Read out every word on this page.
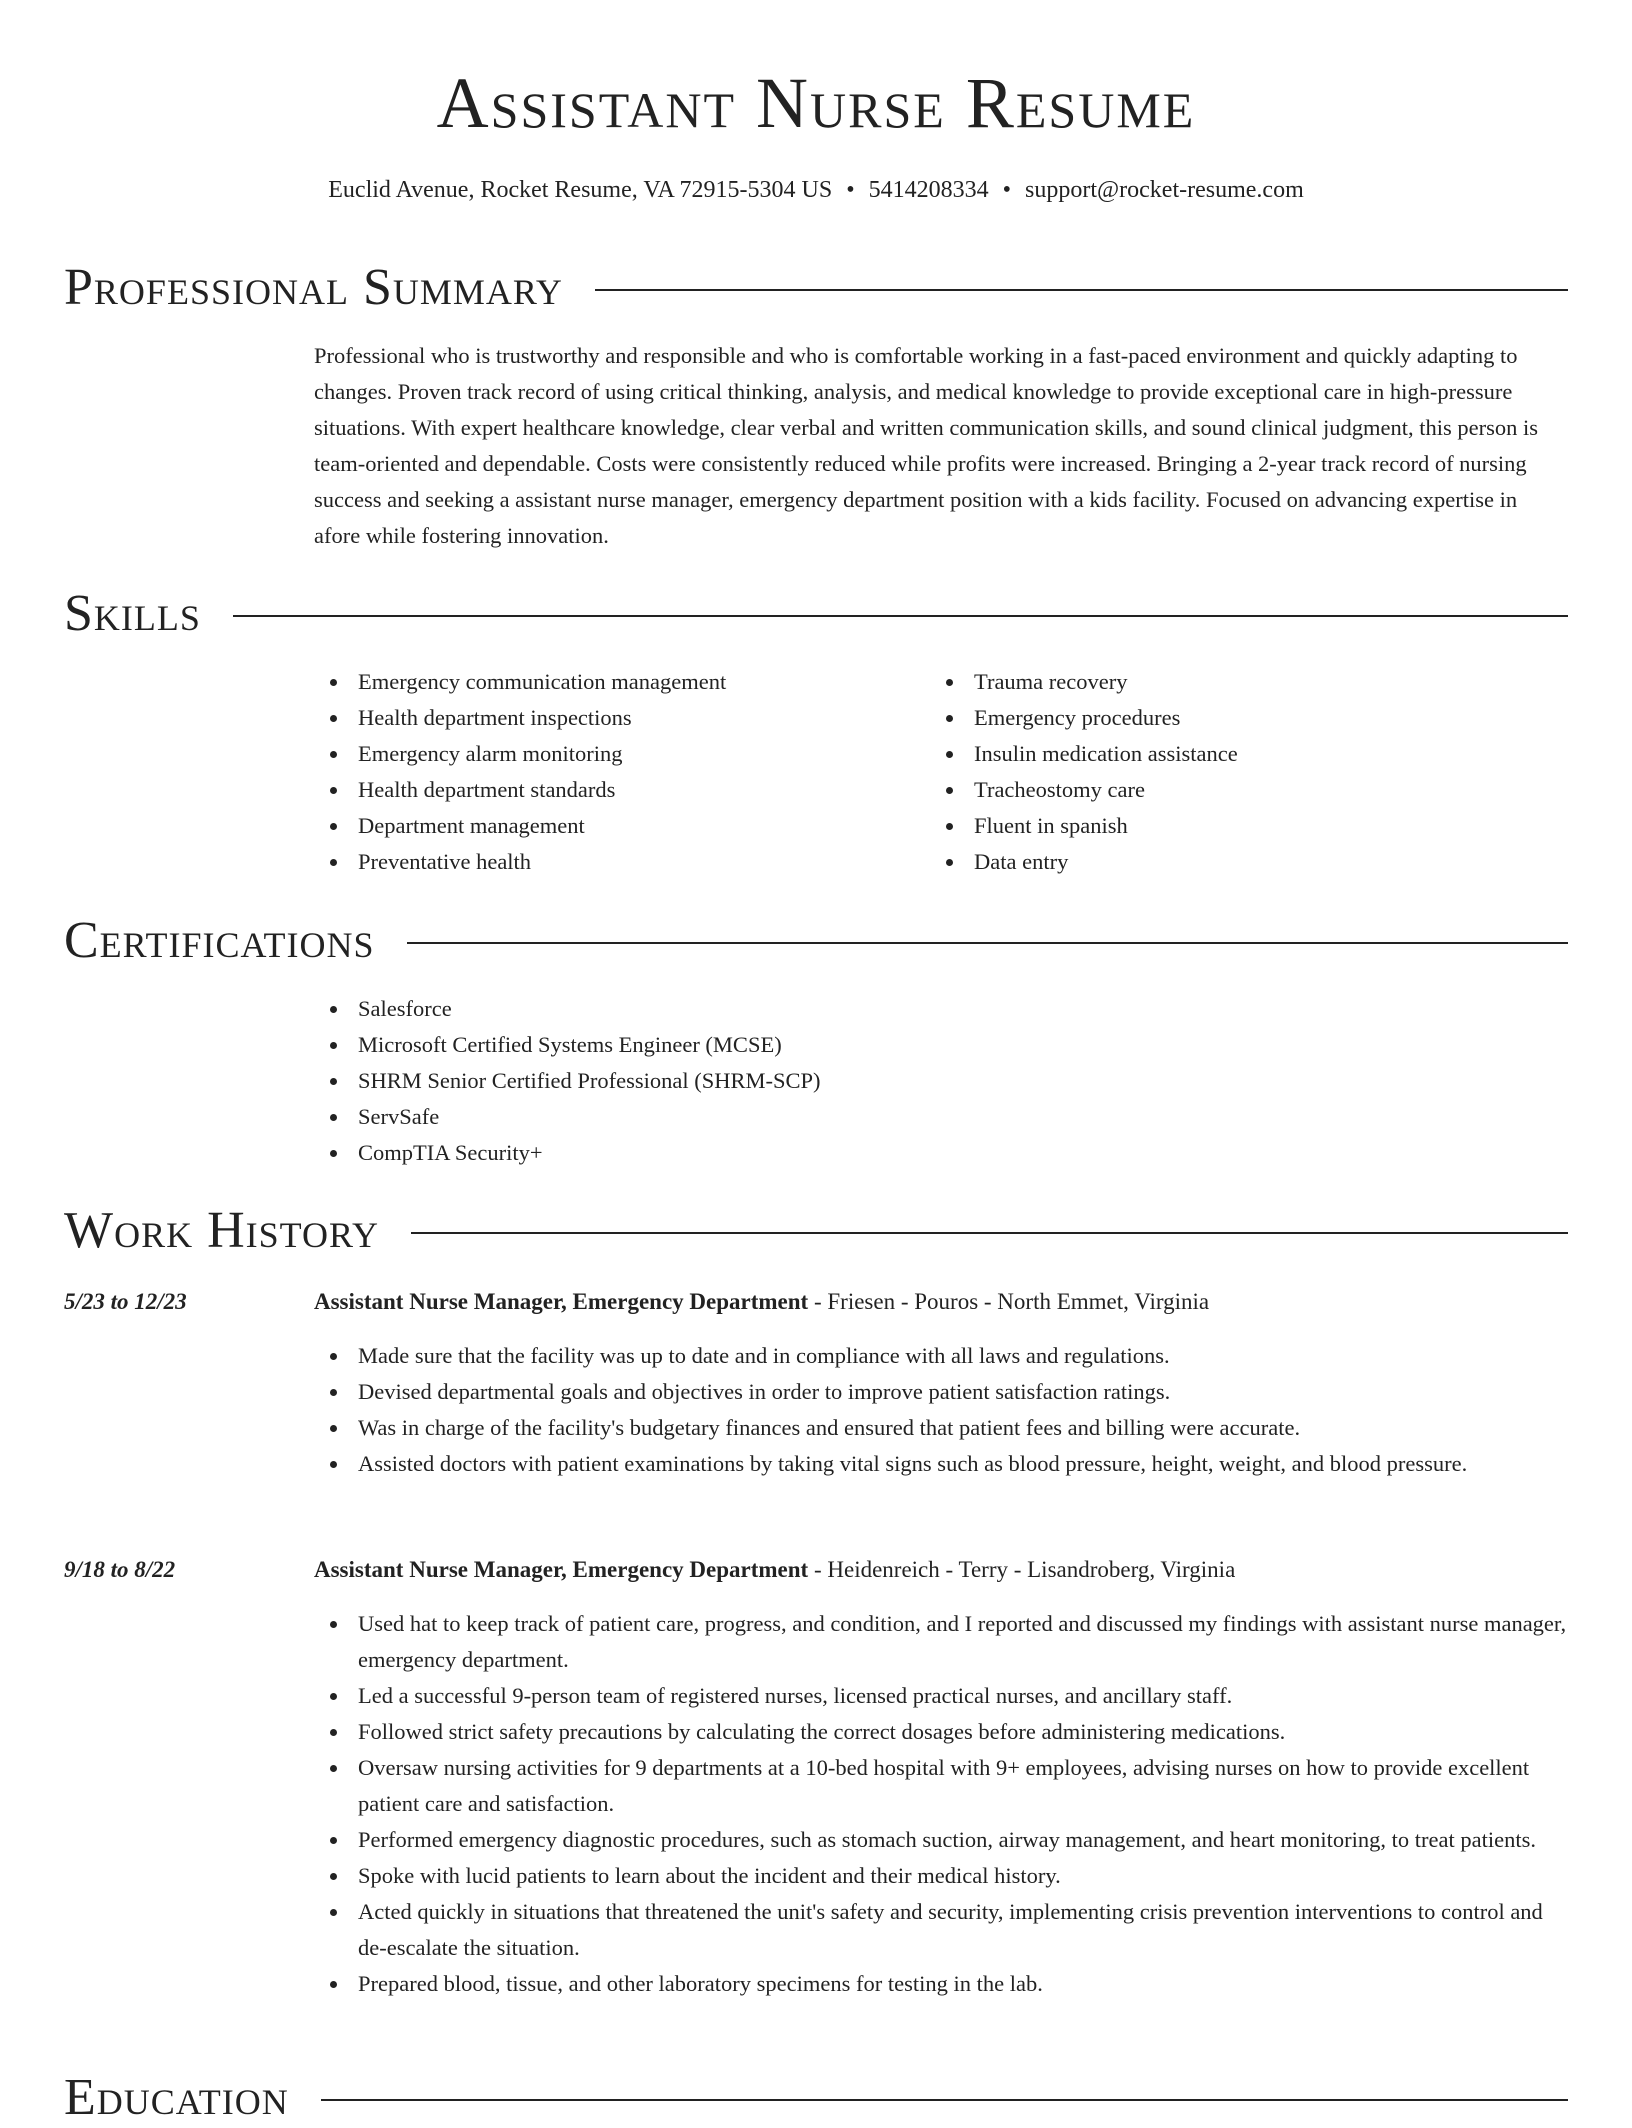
Assistant Nurse Resume
Euclid Avenue, Rocket Resume, VA 72915-5304 US • 5414208334 • support@rocket-resume.com
Professional Summary
Professional who is trustworthy and responsible and who is comfortable working in a fast-paced environment and quickly adapting to changes. Proven track record of using critical thinking, analysis, and medical knowledge to provide exceptional care in high-pressure situations. With expert healthcare knowledge, clear verbal and written communication skills, and sound clinical judgment, this person is team-oriented and dependable. Costs were consistently reduced while profits were increased. Bringing a 2-year track record of nursing success and seeking a assistant nurse manager, emergency department position with a kids facility. Focused on advancing expertise in afore while fostering innovation.
Skills
Emergency communication management
Health department inspections
Emergency alarm monitoring
Health department standards
Department management
Preventative health
Trauma recovery
Emergency procedures
Insulin medication assistance
Tracheostomy care
Fluent in spanish
Data entry
Certifications
Salesforce
Microsoft Certified Systems Engineer (MCSE)
SHRM Senior Certified Professional (SHRM-SCP)
ServSafe
CompTIA Security+
Work History
5/23 to 12/23	Assistant Nurse Manager, Emergency Department - Friesen - Pouros - North Emmet, Virginia
Made sure that the facility was up to date and in compliance with all laws and regulations.
Devised departmental goals and objectives in order to improve patient satisfaction ratings.
Was in charge of the facility's budgetary finances and ensured that patient fees and billing were accurate.
Assisted doctors with patient examinations by taking vital signs such as blood pressure, height, weight, and blood pressure.
9/18 to 8/22	Assistant Nurse Manager, Emergency Department - Heidenreich - Terry - Lisandroberg, Virginia
Used hat to keep track of patient care, progress, and condition, and I reported and discussed my findings with assistant nurse manager, emergency department.
Led a successful 9-person team of registered nurses, licensed practical nurses, and ancillary staff.
Followed strict safety precautions by calculating the correct dosages before administering medications.
Oversaw nursing activities for 9 departments at a 10-bed hospital with 9+ employees, advising nurses on how to provide excellent patient care and satisfaction.
Performed emergency diagnostic procedures, such as stomach suction, airway management, and heart monitoring, to treat patients.
Spoke with lucid patients to learn about the incident and their medical history.
Acted quickly in situations that threatened the unit's safety and security, implementing crisis prevention interventions to control and de-escalate the situation.
Prepared blood, tissue, and other laboratory specimens for testing in the lab.
Education
